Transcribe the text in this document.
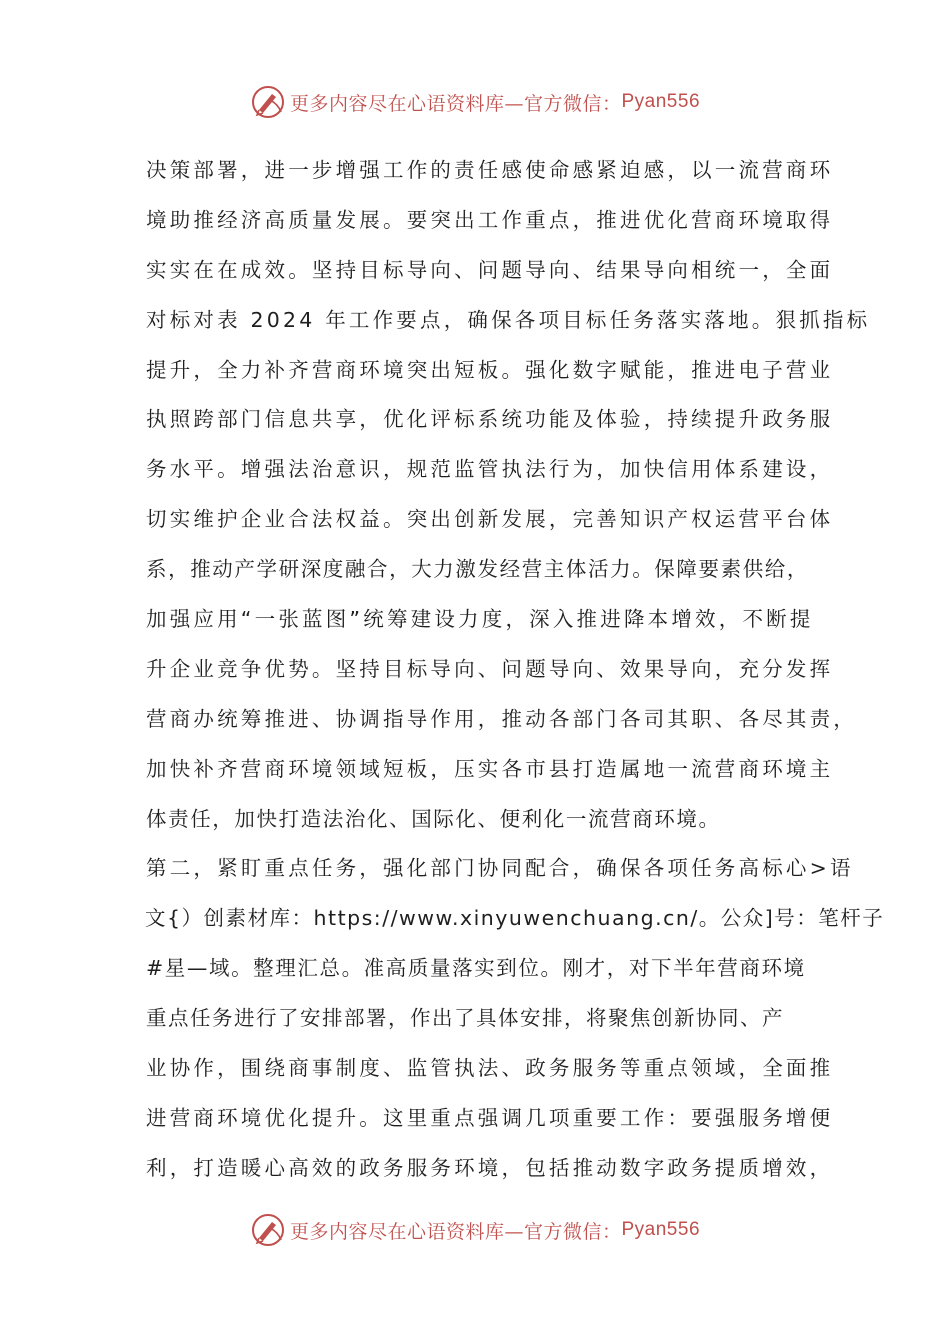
更多内容尽在心语资料库—官方微信： Pyan556
决策部署，进一步增强工作的责任感使命感紧迫感，以一流营商环
境助推经济高质量发展。要突出工作重点，推进优化营商环境取得
实实在在成效。坚持目标导向、问题导向、结果导向相统一，全面
对标对表 2024 年工作要点，确保各项目标任务落实落地。狠抓指标
提升，全力补齐营商环境突出短板。强化数字赋能，推进电子营业
执照跨部门信息共享，优化评标系统功能及体验，持续提升政务服
务水平。增强法治意识，规范监管执法行为，加快信用体系建设，
切实维护企业合法权益。突出创新发展，完善知识产权运营平台体
系，推动产学研深度融合，大力激发经营主体活力。保障要素供给，
加强应用“一张蓝图”统筹建设力度，深入推进降本增效，不断提
升企业竞争优势。坚持目标导向、问题导向、效果导向，充分发挥
营商办统筹推进、协调指导作用，推动各部门各司其职、各尽其责，
加快补齐营商环境领域短板，压实各市县打造属地一流营商环境主
体责任，加快打造法治化、国际化、便利化一流营商环境。
第二，紧盯重点任务，强化部门协同配合，确保各项任务高标心>语
文{）创素材库：https://www.xinyuwenchuang.cn/。公众]号：笔杆子
#星—域。整理汇总。准高质量落实到位。刚才，对下半年营商环境
重点任务进行了安排部署，作出了具体安排，将聚焦创新协同、产
业协作，围绕商事制度、监管执法、政务服务等重点领域，全面推
进营商环境优化提升。这里重点强调几项重要工作：要强服务增便
利，打造暖心高效的政务服务环境，包括推动数字政务提质增效，
更多内容尽在心语资料库—官方微信： Pyan556
